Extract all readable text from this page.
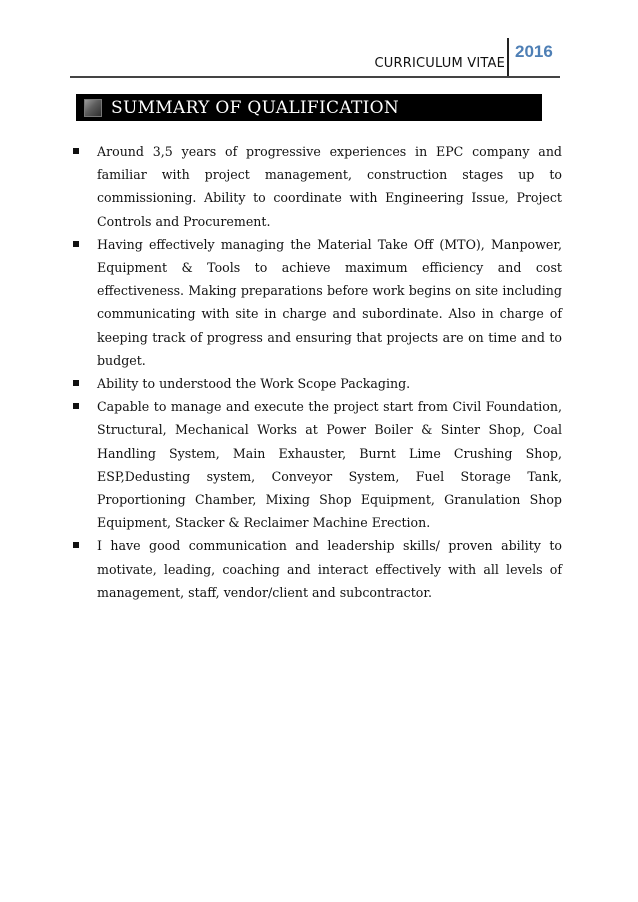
CURRICULUM VITAE
2016
SUMMARY OF QUALIFICATION
Around 3,5 years of progressive experiences in EPC company and familiar with project management, construction stages up to commissioning. Ability to coordinate with Engineering Issue, Project Controls and Procurement.
Having effectively managing the Material Take Off (MTO), Manpower, Equipment & Tools to achieve maximum efficiency and cost effectiveness. Making preparations before work begins on site including communicating with site in charge and subordinate. Also in charge of keeping track of progress and ensuring that projects are on time and to budget.
Ability to understood the Work Scope Packaging.
Capable to manage and execute the project start from Civil Foundation, Structural, Mechanical Works at Power Boiler & Sinter Shop, Coal Handling System, Main Exhauster, Burnt Lime Crushing Shop, ESP,Dedusting system, Conveyor System, Fuel Storage Tank, Proportioning Chamber, Mixing Shop Equipment, Granulation Shop Equipment, Stacker & Reclaimer Machine Erection.
I have good communication and leadership skills/ proven ability to motivate, leading, coaching and interact effectively with all levels of management, staff, vendor/client and subcontractor.
